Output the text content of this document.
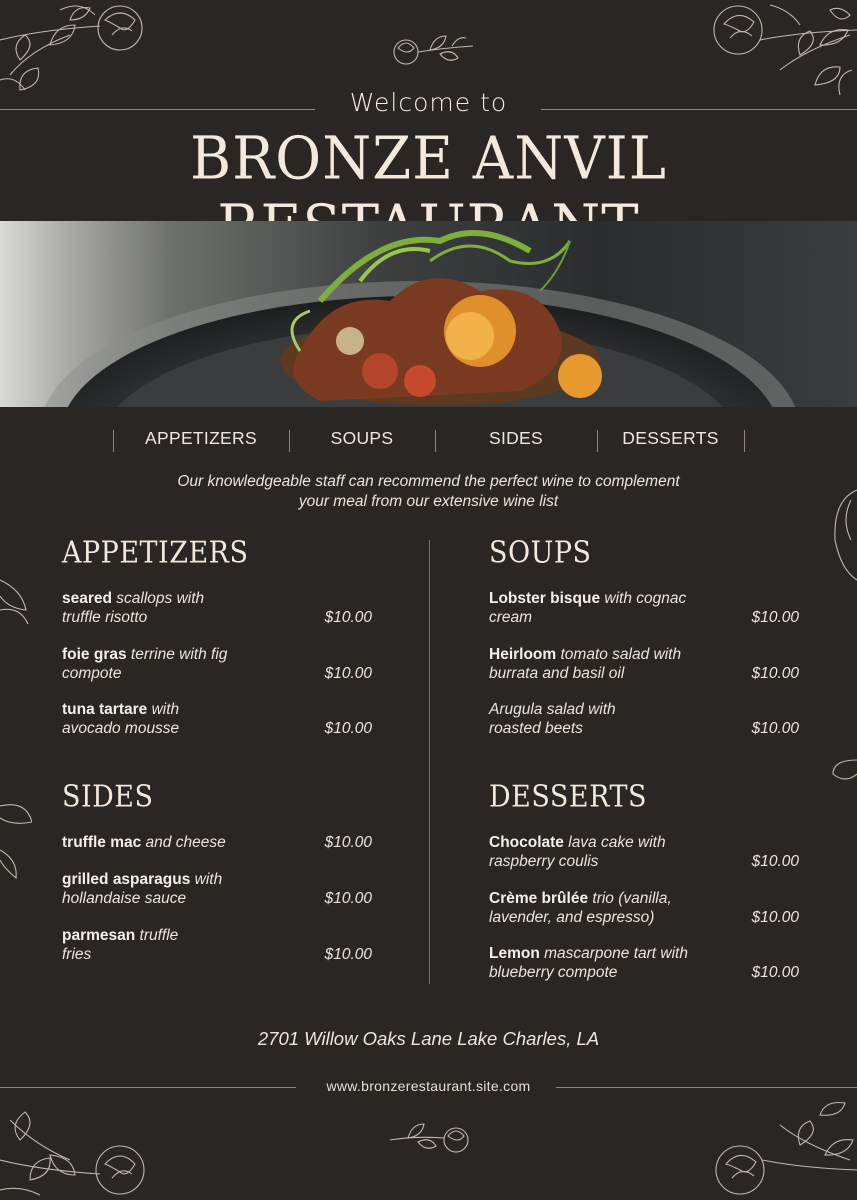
Welcome to
BRONZE ANVIL
APPETIZERS	SOUPS	SIDES	DESSERTS
Our knowledgeable staff can recommend the perfect wine to complement
your meal from our extensive wine list
APPETIZERS
seared scallops with
truffle risotto	$10.00
foie gras terrine with fig
compote	$10.00
tuna tartare with
avocado mousse	$10.00
SOUPS
Lobster bisque with cognac
cream	$10.00
Heirloom tomato salad with
burrata and basil oil	$10.00
Arugula salad with
roasted beets	$10.00
SIDES
truffle mac and cheese	$10.00
grilled asparagus with
hollandaise sauce	$10.00
parmesan truffle
fries	$10.00
DESSERTS
Chocolate lava cake with
raspberry coulis	$10.00
Crème brûlée trio (vanilla,
lavender, and espresso)	$10.00
Lemon mascarpone tart with
blueberry compote	$10.00
2701 Willow Oaks Lane Lake Charles, LA
www.bronzerestaurant.site.com
